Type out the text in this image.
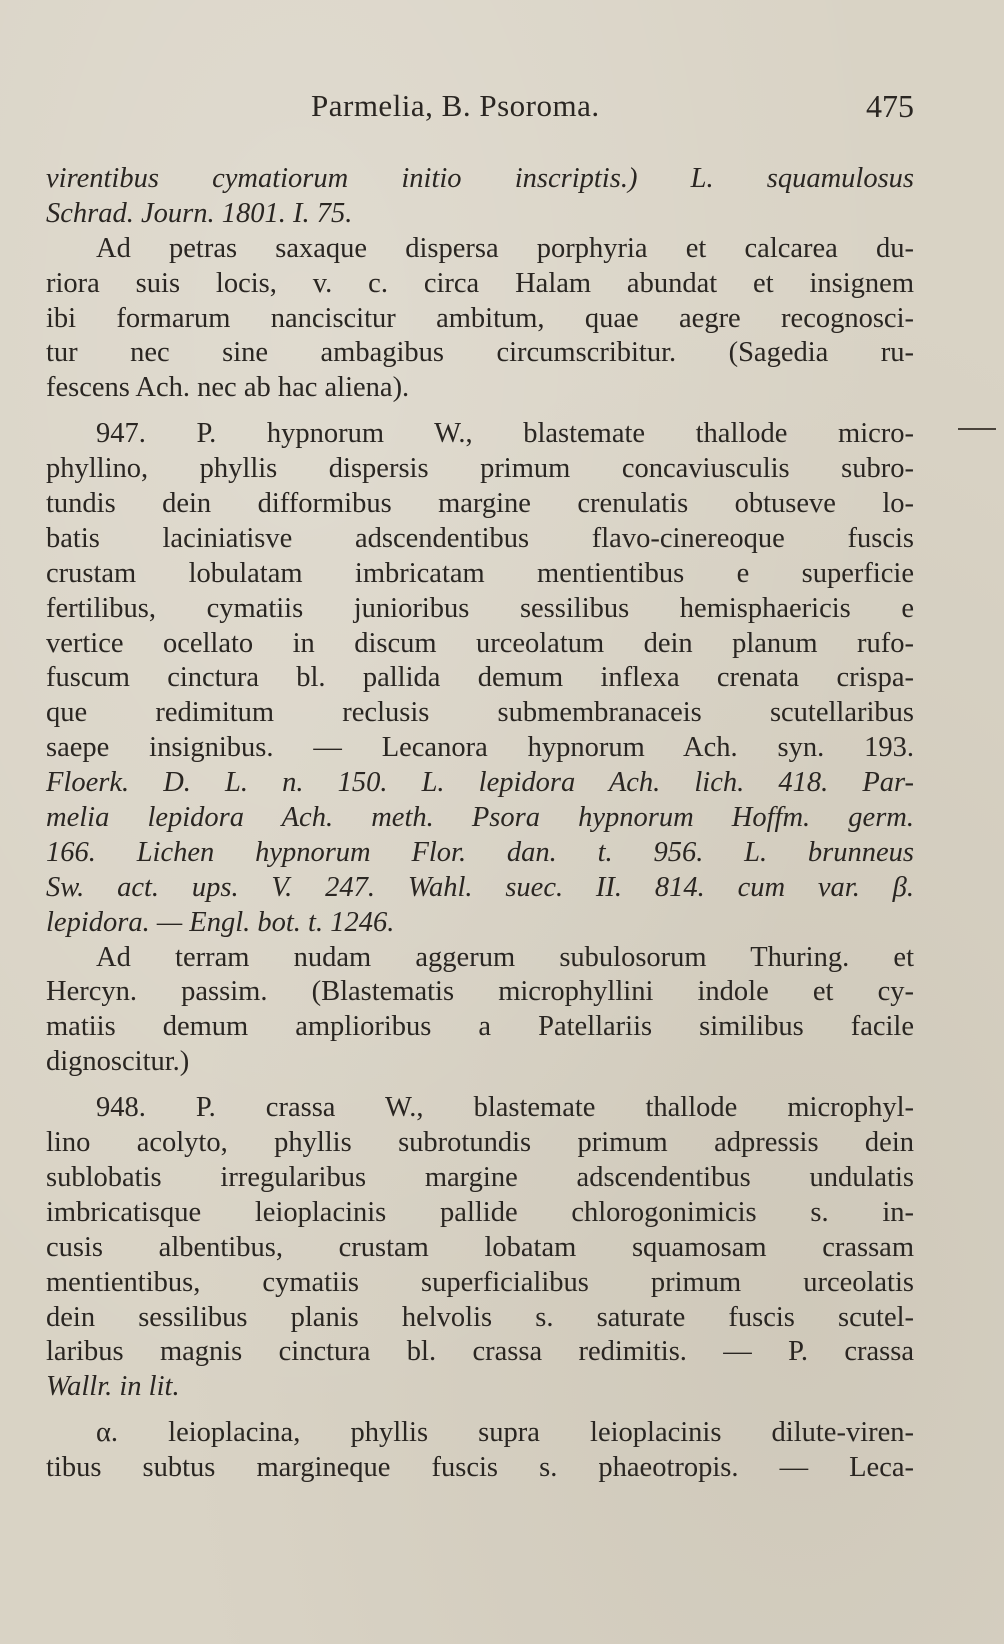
Parmelia, B. Psoroma.	475
virentibus cymatiorum initio inscriptis.) L. squamulosus
Schrad. Journ. 1801. I. 75.
Ad petras saxaque dispersa porphyria et calcarea du-
riora suis locis, v. c. circa Halam abundat et insignem
ibi formarum nanciscitur ambitum, quae aegre recognosci-
tur nec sine ambagibus circumscribitur. (Sagedia ru-
fescens Ach. nec ab hac aliena).
947. P. hypnorum W., blastemate thallode micro-
phyllino, phyllis dispersis primum concaviusculis subro-
tundis dein difformibus margine crenulatis obtuseve lo-
batis laciniatisve adscendentibus flavo-cinereoque fuscis
crustam lobulatam imbricatam mentientibus e superficie
fertilibus, cymatiis junioribus sessilibus hemisphaericis e
vertice ocellato in discum urceolatum dein planum rufo-
fuscum cinctura bl. pallida demum inflexa crenata crispa-
que redimitum reclusis submembranaceis scutellaribus
saepe insignibus. — Lecanora hypnorum Ach. syn. 193.
Floerk. D. L. n. 150. L. lepidora Ach. lich. 418. Par-
melia lepidora Ach. meth. Psora hypnorum Hoffm. germ.
166. Lichen hypnorum Flor. dan. t. 956. L. brunneus
Sw. act. ups. V. 247. Wahl. suec. II. 814. cum var. β.
lepidora. — Engl. bot. t. 1246.
Ad terram nudam aggerum subulosorum Thuring. et
Hercyn. passim. (Blastematis microphyllini indole et cy-
matiis demum amplioribus a Patellariis similibus facile
dignoscitur.)
948. P. crassa W., blastemate thallode microphyl-
lino acolyto, phyllis subrotundis primum adpressis dein
sublobatis irregularibus margine adscendentibus undulatis
imbricatisque leioplacinis pallide chlorogonimicis s. in-
cusis albentibus, crustam lobatam squamosam crassam
mentientibus, cymatiis superficialibus primum urceolatis
dein sessilibus planis helvolis s. saturate fuscis scutel-
laribus magnis cinctura bl. crassa redimitis. — P. crassa
Wallr. in lit.
α. leioplacina, phyllis supra leioplacinis dilute-viren-
tibus subtus margineque fuscis s. phaeotropis. — Leca-
